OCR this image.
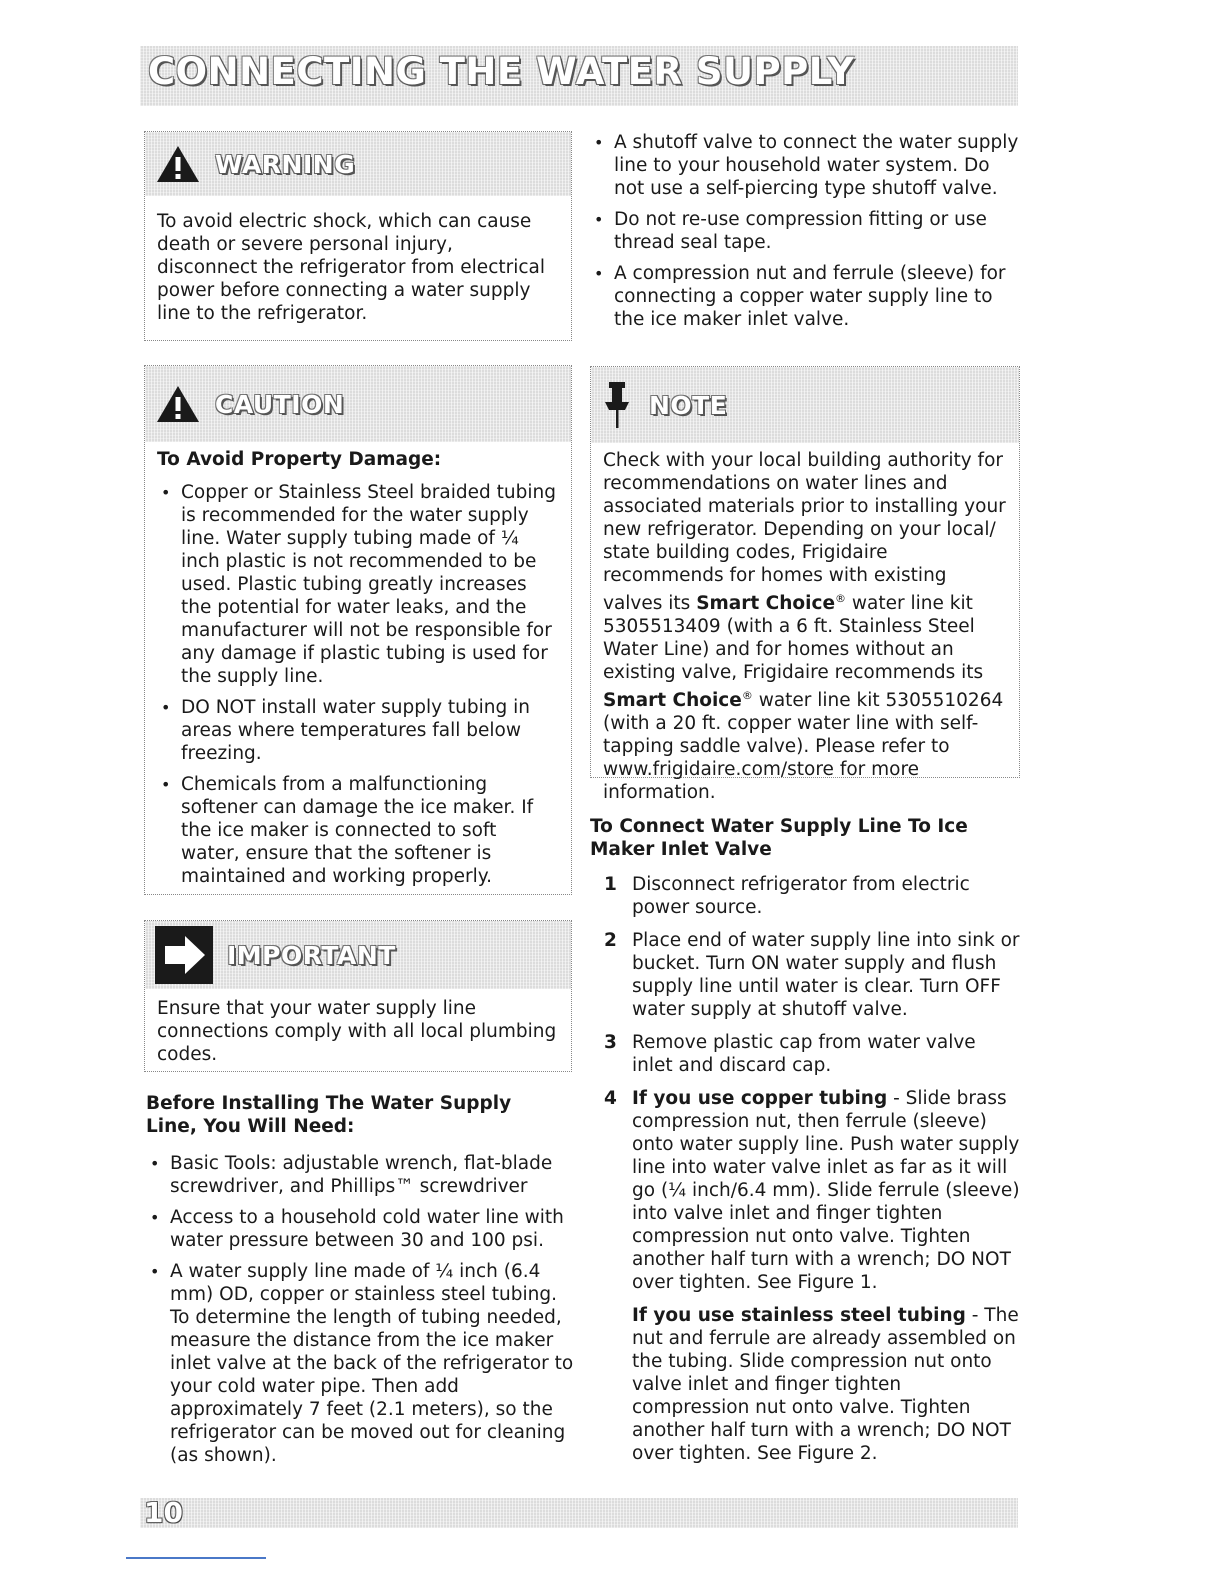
CONNECTING THE WATER SUPPLY
WARNING

To avoid electric shock, which can cause death or severe personal injury, disconnect the refrigerator from electrical power before connecting a water supply line to the refrigerator.

CAUTION
To Avoid Property Damage:
• Copper or Stainless Steel braided tubing is recommended for the water supply line. Water supply tubing made of ¼ inch plastic is not recommended to be used. Plastic tubing greatly increases the potential for water leaks, and the manufacturer will not be responsible for any damage if plastic tubing is used for the supply line.
• DO NOT install water supply tubing in areas where temperatures fall below freezing.
• Chemicals from a malfunctioning softener can damage the ice maker. If the ice maker is connected to soft water, ensure that the softener is maintained and working properly.
IMPORTANT

Ensure that your water supply line connections comply with all local plumbing codes.

Before Installing The Water Supply Line, You Will Need:
• Basic Tools: adjustable wrench, flat-blade screwdriver, and Phillips™ screwdriver
• Access to a household cold water line with water pressure between 30 and 100 psi.
• A water supply line made of ¼ inch (6.4 mm) OD, copper or stainless steel tubing. To determine the length of tubing needed, measure the distance from the ice maker inlet valve at the back of the refrigerator to your cold water pipe. Then add approximately 7 feet (2.1 meters), so the refrigerator can be moved out for cleaning (as shown).
• A shutoff valve to connect the water supply line to your household water system. Do not use a self-piercing type shutoff valve.
• Do not re-use compression fitting or use thread seal tape.
• A compression nut and ferrule (sleeve) for connecting a copper water supply line to the ice maker inlet valve.
NOTE

Check with your local building authority for recommendations on water lines and associated materials prior to installing your new refrigerator. Depending on your local/ state building codes, Frigidaire recommends for homes with existing valves its Smart Choice® water line kit 5305513409 (with a 6 ft. Stainless Steel Water Line) and for homes without an existing valve, Frigidaire recommends its Smart Choice® water line kit 5305510264 (with a 20 ft. copper water line with self-tapping saddle valve). Please refer to www.frigidaire.com/store for more information.

To Connect Water Supply Line To Ice Maker Inlet Valve
1 Disconnect refrigerator from electric power source.
2 Place end of water supply line into sink or bucket. Turn ON water supply and flush supply line until water is clear. Turn OFF water supply at shutoff valve.
3 Remove plastic cap from water valve inlet and discard cap.
4 If you use copper tubing - Slide brass compression nut, then ferrule (sleeve) onto water supply line. Push water supply line into water valve inlet as far as it will go (¼ inch/6.4 mm). Slide ferrule (sleeve) into valve inlet and finger tighten compression nut onto valve. Tighten another half turn with a wrench; DO NOT over tighten. See Figure 1.
If you use stainless steel tubing - The nut and ferrule are already assembled on the tubing. Slide compression nut onto valve inlet and finger tighten compression nut onto valve. Tighten another half turn with a wrench; DO NOT over tighten. See Figure 2.
10
